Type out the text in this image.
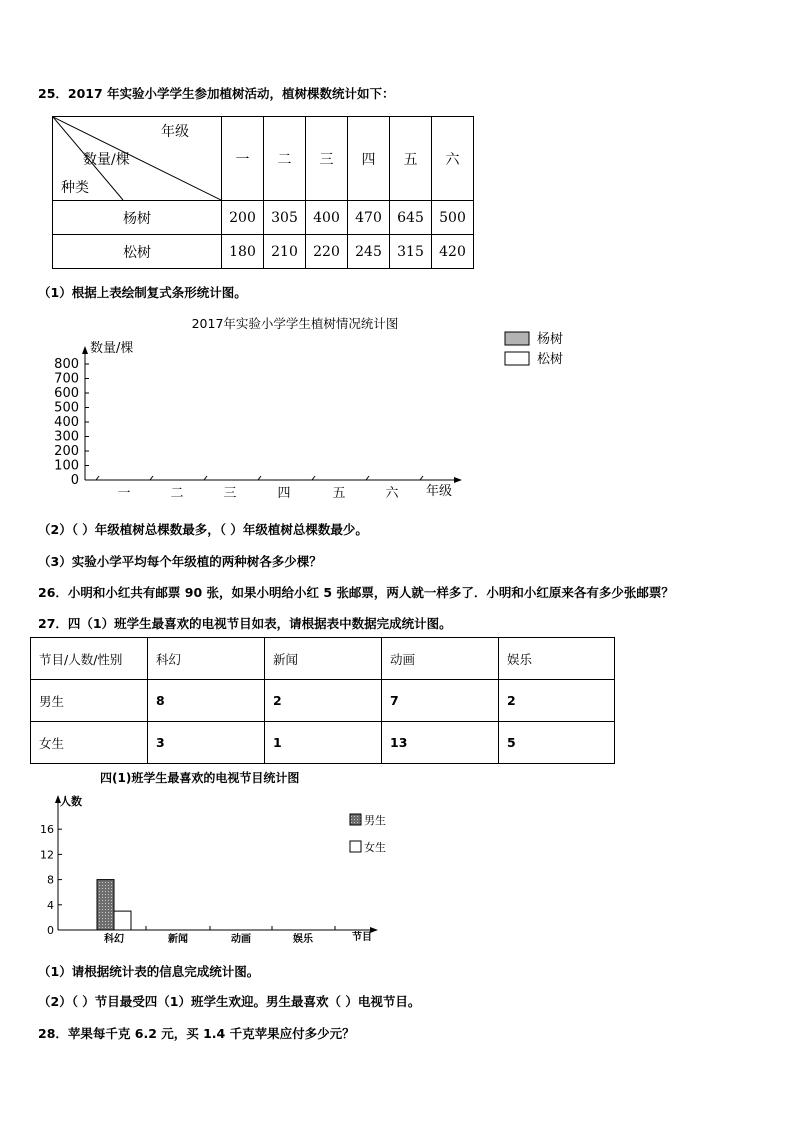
25．2017 年实验小学学生参加植树活动，植树棵数统计如下：
年级
数量/棵
种类	一	二	三	四	五	六
杨树	200	305	400	470	645	500
松树	180	210	220	245	315	420
（1）根据上表绘制复式条形统计图。
2017年实验小学学生植树情况统计图
数量/棵
800
700
600
500
400
300
200
100
0
一	二	三	四	五	六 年级
杨树
松树
（2）（ ）年级植树总棵数最多，（ ）年级植树总棵数最少。
（3）实验小学平均每个年级植的两种树各多少棵？
26．小明和小红共有邮票 90 张，如果小明给小红 5 张邮票，两人就一样多了．小明和小红原来各有多少张邮票？
27．四（1）班学生最喜欢的电视节目如表，请根据表中数据完成统计图。
节目/人数/性别	科幻	新闻	动画	娱乐
男生	8	2	7	2
女生	3	1	13	5
四(1)班学生最喜欢的电视节目统计图
人数
16
12
8
4
0
科幻	新闻	动画	娱乐	节目
男生
女生
（1）请根据统计表的信息完成统计图。
（2）（ ）节目最受四（1）班学生欢迎。男生最喜欢（ ）电视节目。
28．苹果每千克 6.2 元，买 1.4 千克苹果应付多少元？
